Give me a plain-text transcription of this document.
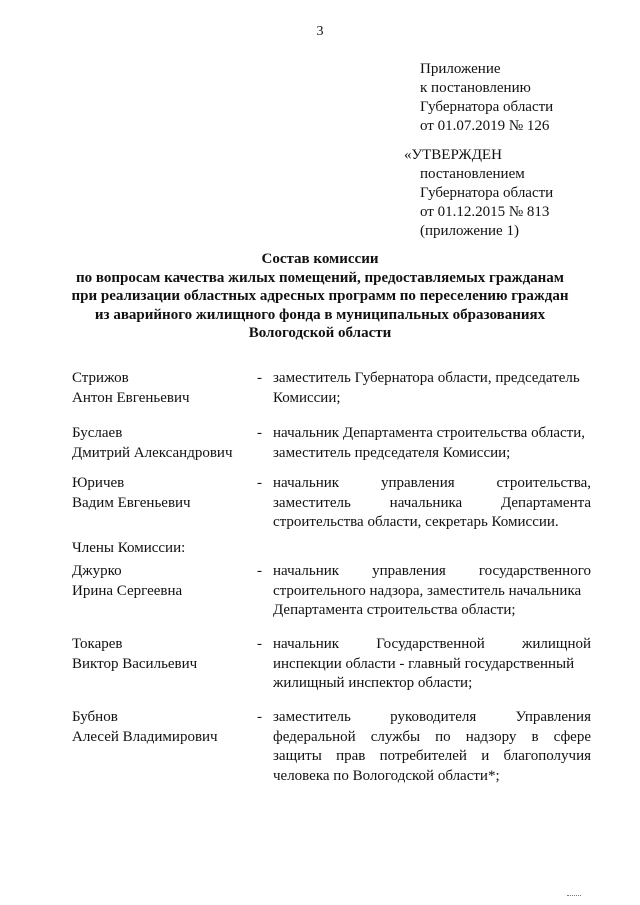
3
Приложение
к постановлению
Губернатора области
от 01.07.2019 № 126
«УТВЕРЖДЕН
постановлением
Губернатора области
от 01.12.2015 № 813
(приложение 1)
Состав комиссии
по вопросам качества жилых помещений, предоставляемых гражданам
при реализации областных адресных программ по переселению граждан
из аварийного жилищного фонда в муниципальных образованиях
Вологодской области
Стрижов
Антон Евгеньевич
- заместитель Губернатора области, председатель
Комиссии;
Буслаев
Дмитрий Александрович
- начальник Департамента строительства области,
заместитель председателя Комиссии;
Юричев
Вадим Евгеньевич
- начальник управления строительства,
заместитель начальника Департамента
строительства области, секретарь Комиссии.
Члены Комиссии:
Джурко
Ирина Сергеевна
- начальник управления государственного
строительного надзора, заместитель начальника
Департамента строительства области;
Токарев
Виктор Васильевич
- начальник Государственной жилищной
инспекции области - главный государственный
жилищный инспектор области;
Бубнов
Алесей Владимирович
- заместитель руководителя Управления
федеральной службы по надзору в сфере
защиты прав потребителей и благополучия
человека по Вологодской области*;
